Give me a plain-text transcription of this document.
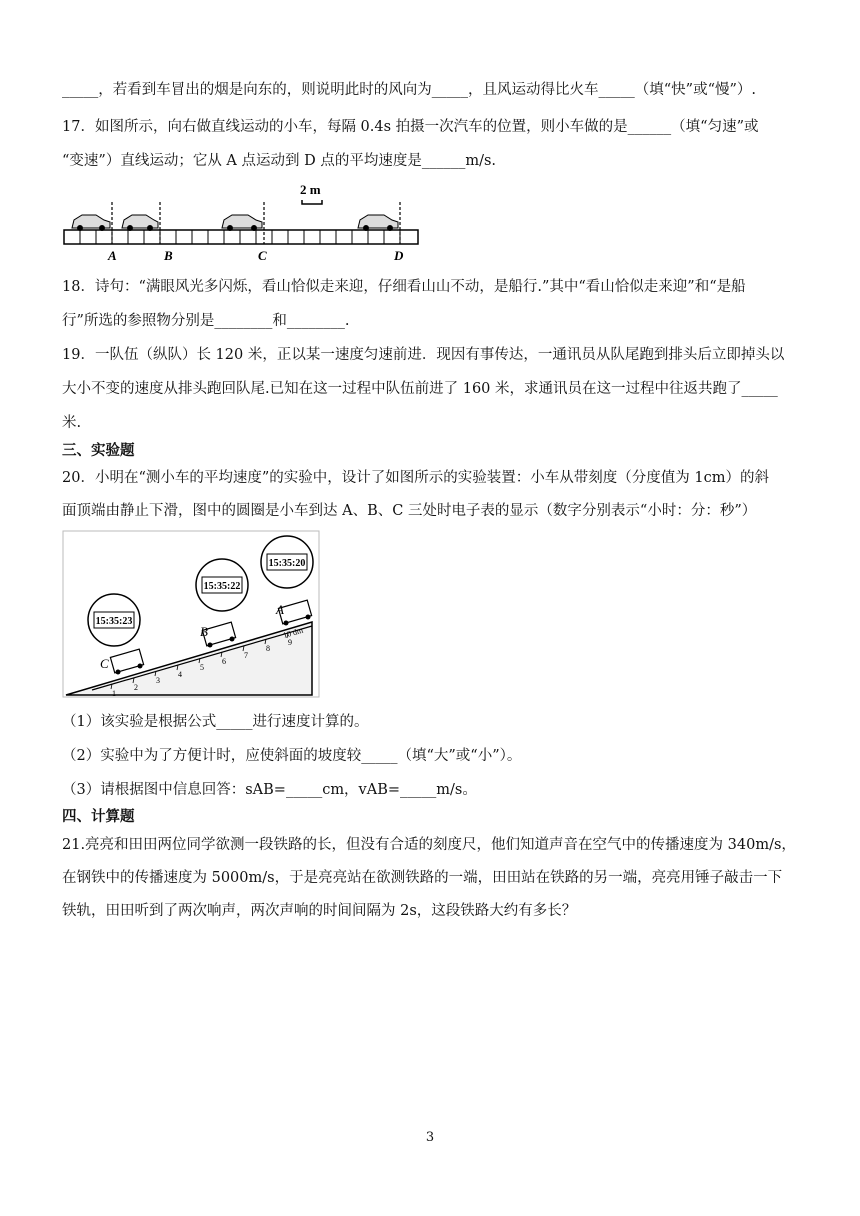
_____，若看到车冒出的烟是向东的，则说明此时的风向为_____，且风运动得比火车_____（填“快”或“慢”）.
17．如图所示，向右做直线运动的小车，每隔 0.4s 拍摄一次汽车的位置，则小车做的是______（填“匀速”或
“变速”）直线运动；它从 A 点运动到 D 点的平均速度是______m/s.
2 m
A	B	C	D
18．诗句：“满眼风光多闪烁，看山恰似走来迎，仔细看山山不动，是船行.”其中“看山恰似走来迎”和“是船
行”所选的参照物分别是________和________.
19．一队伍（纵队）长 120 米，正以某一速度匀速前进．现因有事传达，一通讯员从队尾跑到排头后立即掉头以
大小不变的速度从排头跑回队尾.已知在这一过程中队伍前进了 160 米，求通讯员在这一过程中往返共跑了_____
米.
三、实验题
20．小明在“测小车的平均速度”的实验中，设计了如图所示的实验装置：小车从带刻度（分度值为 1cm）的斜
面顶端由静止下滑，图中的圆圈是小车到达 A、B、C 三处时电子表的显示（数字分别表示“小时：分：秒”）
1
2
3
4
5
6
7
8
9
10 dm
C
B
A
15:35:23
15:35:22
15:35:20
（1）该实验是根据公式_____进行速度计算的。
（2）实验中为了方便计时，应使斜面的坡度较_____（填“大”或“小”）。
（3）请根据图中信息回答：sAB=_____cm，vAB=_____m/s。
四、计算题
21.亮亮和田田两位同学欲测一段铁路的长，但没有合适的刻度尺，他们知道声音在空气中的传播速度为 340m/s，
在钢铁中的传播速度为 5000m/s，于是亮亮站在欲测铁路的一端，田田站在铁路的另一端，亮亮用锤子敲击一下
铁轨，田田听到了两次响声，两次声响的时间间隔为 2s，这段铁路大约有多长？
3
